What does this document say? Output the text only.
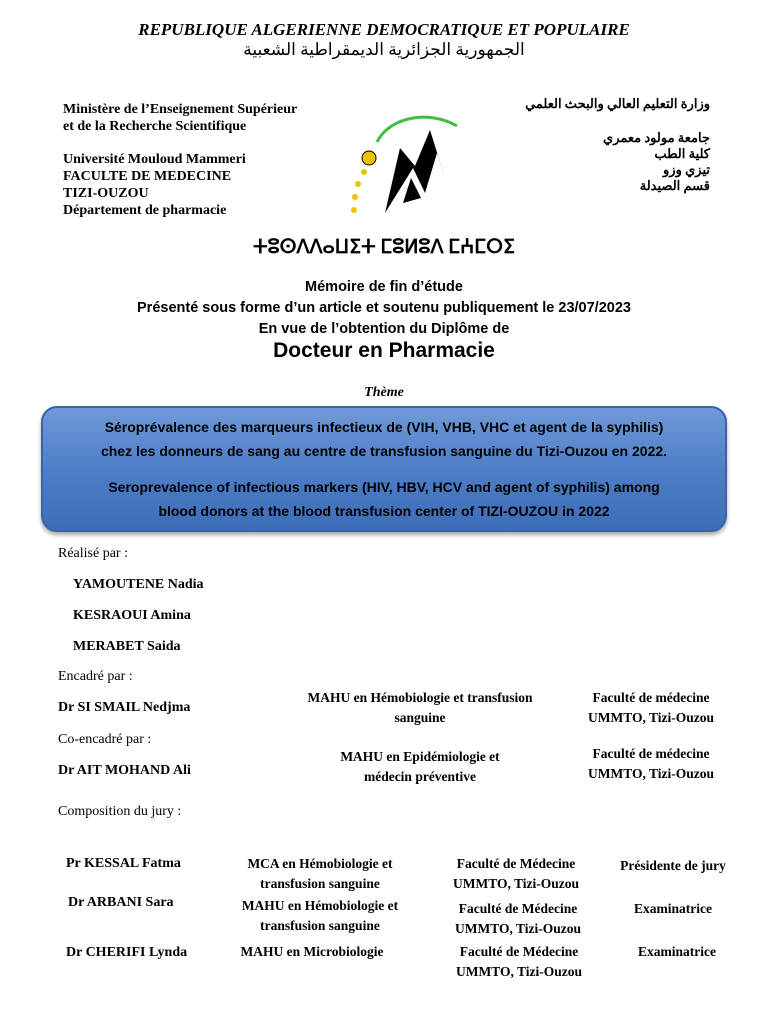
REPUBLIQUE ALGERIENNE DEMOCRATIQUE ET POPULAIRE
الجمهورية الجزائرية الديمقراطية الشعبية
Ministère de l’Enseignement Supérieur
et de la Recherche Scientifique
Université Mouloud Mammeri
FACULTE DE MEDECINE
TIZI-OUZOU
Département de pharmacie
وزارة التعليم العالي والبحث العلمي
جامعة مولود معمري
كلية الطب
تيزي وزو
قسم الصيدلة
ⵜⵓⵙⴷⴷⴰⵡⵉⵜ ⵎⵓⵍⵓⴷ ⵎⵄⵎⵔⵉ
Mémoire de fin d’étude
Présenté sous forme d’un article et soutenu publiquement le 23/07/2023
En vue de l’obtention du Diplôme de
Docteur en Pharmacie
Thème
Séroprévalence des marqueurs infectieux de (VIH, VHB, VHC et agent de la syphilis)
chez les donneurs de sang au centre de transfusion sanguine du Tizi-Ouzou en 2022.
Seroprevalence of infectious markers (HIV, HBV, HCV and agent of syphilis) among
blood donors at the blood transfusion center of TIZI-OUZOU in 2022
Réalisé par :
YAMOUTENE Nadia
KESRAOUI Amina
MERABET Saida
Encadré par :
Dr SI SMAIL Nedjma
MAHU en Hémobiologie et transfusion
sanguine
Faculté de médecine
UMMTO, Tizi-Ouzou
Co-encadré par :
Dr AIT MOHAND Ali
MAHU en Epidémiologie et
médecin préventive
Faculté de médecine
UMMTO, Tizi-Ouzou
Composition du jury :
Pr KESSAL Fatma	MCA en Hémobiologie et
transfusion sanguine
Faculté de Médecine
UMMTO, Tizi-Ouzou
Présidente de jury
Dr ARBANI Sara	MAHU en Hémobiologie et
transfusion sanguine
Faculté de Médecine
UMMTO, Tizi-Ouzou
Examinatrice
Dr CHERIFI Lynda	MAHU en Microbiologie	Faculté de Médecine
UMMTO, Tizi-Ouzou
Examinatrice
